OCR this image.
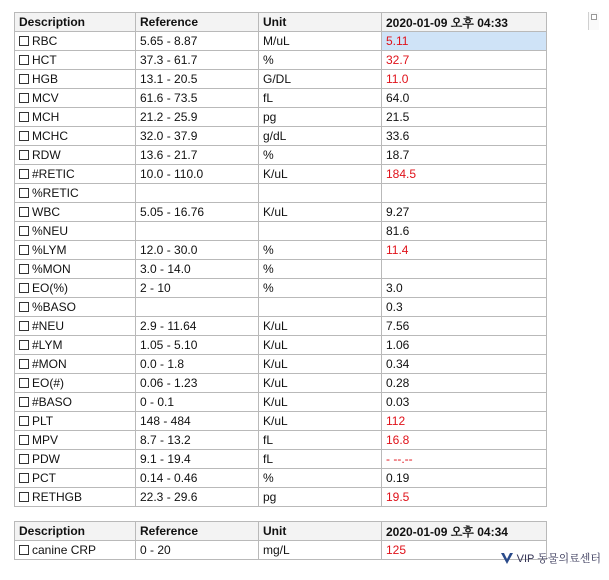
Description	Reference	Unit	2020-01-09 오후 04:33
RBC	5.65 - 8.87	M/uL	5.11
HCT	37.3 - 61.7	%	32.7
HGB	13.1 - 20.5	G/DL	11.0
MCV	61.6 - 73.5	fL	64.0
MCH	21.2 - 25.9	pg	21.5
MCHC	32.0 - 37.9	g/dL	33.6
RDW	13.6 - 21.7	%	18.7
#RETIC	10.0 - 110.0	K/uL	184.5
%RETIC			
WBC	5.05 - 16.76	K/uL	9.27
%NEU			81.6
%LYM	12.0 - 30.0	%	11.4
%MON	3.0 - 14.0	%	
EO(%)	2 - 10	%	3.0
%BASO			0.3
#NEU	2.9 - 11.64	K/uL	7.56
#LYM	1.05 - 5.10	K/uL	1.06
#MON	0.0 - 1.8	K/uL	0.34
EO(#)	0.06 - 1.23	K/uL	0.28
#BASO	0 - 0.1	K/uL	0.03
PLT	148 - 484	K/uL	112
MPV	8.7 - 13.2	fL	16.8
PDW	9.1 - 19.4	fL	- --.--
PCT	0.14 - 0.46	%	0.19
RETHGB	22.3 - 29.6	pg	19.5
Description	Reference	Unit	2020-01-09 오후 04:34
canine CRP	0 - 20	mg/L	125
VIP 동물의료센터
